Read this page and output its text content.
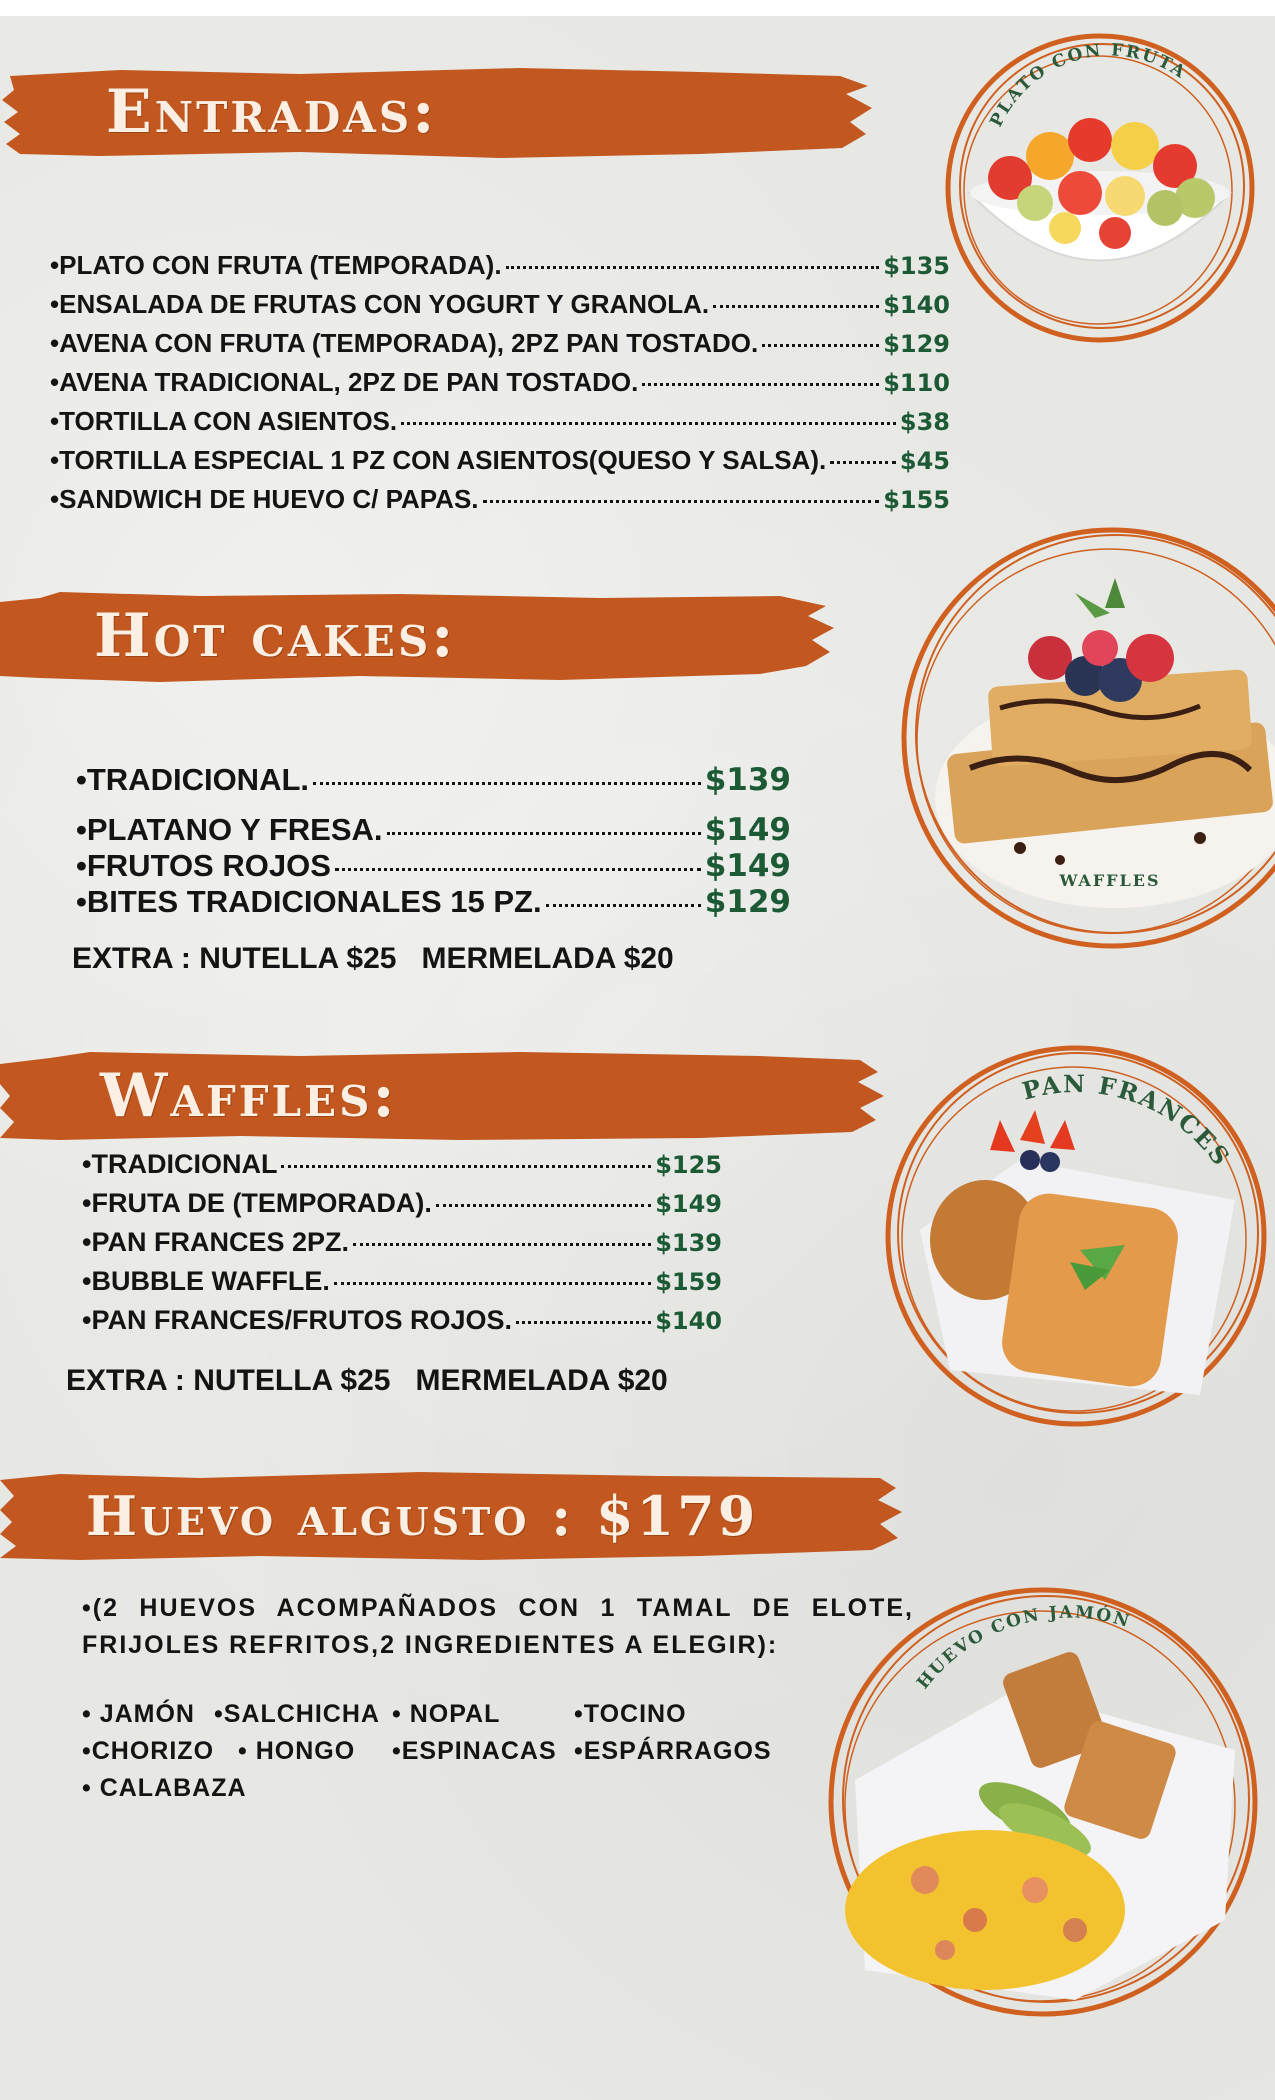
Entradas:
•PLATO CON FRUTA (TEMPORADA).	$135
•ENSALADA DE FRUTAS CON YOGURT Y GRANOLA.	$140
•AVENA CON FRUTA (TEMPORADA), 2PZ PAN TOSTADO.	$129
•AVENA TRADICIONAL, 2PZ DE PAN TOSTADO.	$110
•TORTILLA CON ASIENTOS.	$38
•TORTILLA ESPECIAL 1 PZ CON ASIENTOS(QUESO Y SALSA).	$45
•SANDWICH DE HUEVO C/ PAPAS.	$155
Hot cakes:
•TRADICIONAL.	$139
•PLATANO Y FRESA.	$149
•FRUTOS ROJOS	$149
•BITES TRADICIONALES 15 PZ.	$129
EXTRA : NUTELLA $25   MERMELADA $20
Waffles:
•TRADICIONAL	$125
•FRUTA DE (TEMPORADA).	$149
•PAN FRANCES 2PZ.	$139
•BUBBLE WAFFLE.	$159
•PAN FRANCES/FRUTOS ROJOS.	$140
EXTRA : NUTELLA $25   MERMELADA $20
Huevo algusto : $179

•(2 HUEVOS ACOMPAÑADOS CON 1 TAMAL DE ELOTE, FRIJOLES REFRITOS,2 INGREDIENTES A ELEGIR):

• JAMÓN •SALCHICHA • NOPAL	•TOCINO
•CHORIZO • HONGO •ESPINACAS •ESPÁRRAGOS
• CALABAZA
PLATO CON FRUTA
WAFFLES
PAN FRANCES
HUEVO CON JAMÓN
